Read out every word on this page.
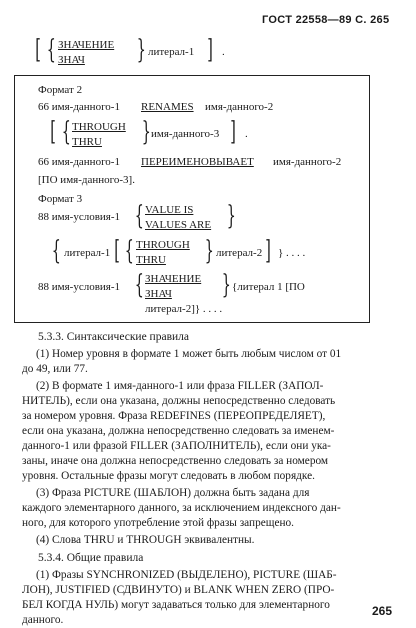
ГОСТ 22558—89 С. 265
[ { ЗНАЧЕНИЕ
ЗНАЧ } литерал-1 ] .
Формат 2
66 имя-данного-1 RENAMES имя-данного-2
[ { THROUGH
THRU } имя-данного-3 ] .
66 имя-данного-1 ПЕРЕИМЕНОВЫВАЕТ имя-данного-2
[ПО имя-данного-3].
Формат 3
88 имя-условия-1 { VALUE IS
VALUES ARE }
{ литерал-1 [ { THROUGH
THRU } литерал-2 ] } . . . .
88 имя-условия-1 { ЗНАЧЕНИЕ
ЗНАЧ } {литерал 1 [ПО
литерал-2]} . . . .
5.3.3. Синтаксические правила
(1) Номер уровня в формате 1 может быть любым числом от 01
до 49, или 77.
(2) В формате 1 имя-данного-1 или фраза FILLER (ЗАПОЛ-
НИТЕЛЬ), если она указана, должны непосредственно следовать
за номером уровня. Фраза REDEFINES (ПЕРЕОПРЕДЕЛЯЕТ),
если она указана, должна непосредственно следовать за именем-
данного-1 или фразой FILLER (ЗАПОЛНИТЕЛЬ), если они ука-
заны, иначе она должна непосредственно следовать за номером
уровня. Остальные фразы могут следовать в любом порядке.
(3) Фраза PICTURE (ШАБЛОН) должна быть задана для
каждого элементарного данного, за исключением индексного дан-
ного, для которого употребление этой фразы запрещено.
(4) Слова THRU и THROUGH эквивалентны.
5.3.4. Общие правила
(1) Фразы SYNCHRONIZED (ВЫДЕЛЕНО), PICTURE (ШАБ-
ЛОН), JUSTIFIED (СДВИНУТО) и BLANK WHEN ZERO (ПРО-
БЕЛ КОГДА НУЛЬ) могут задаваться только для элементарного
данного.
265
